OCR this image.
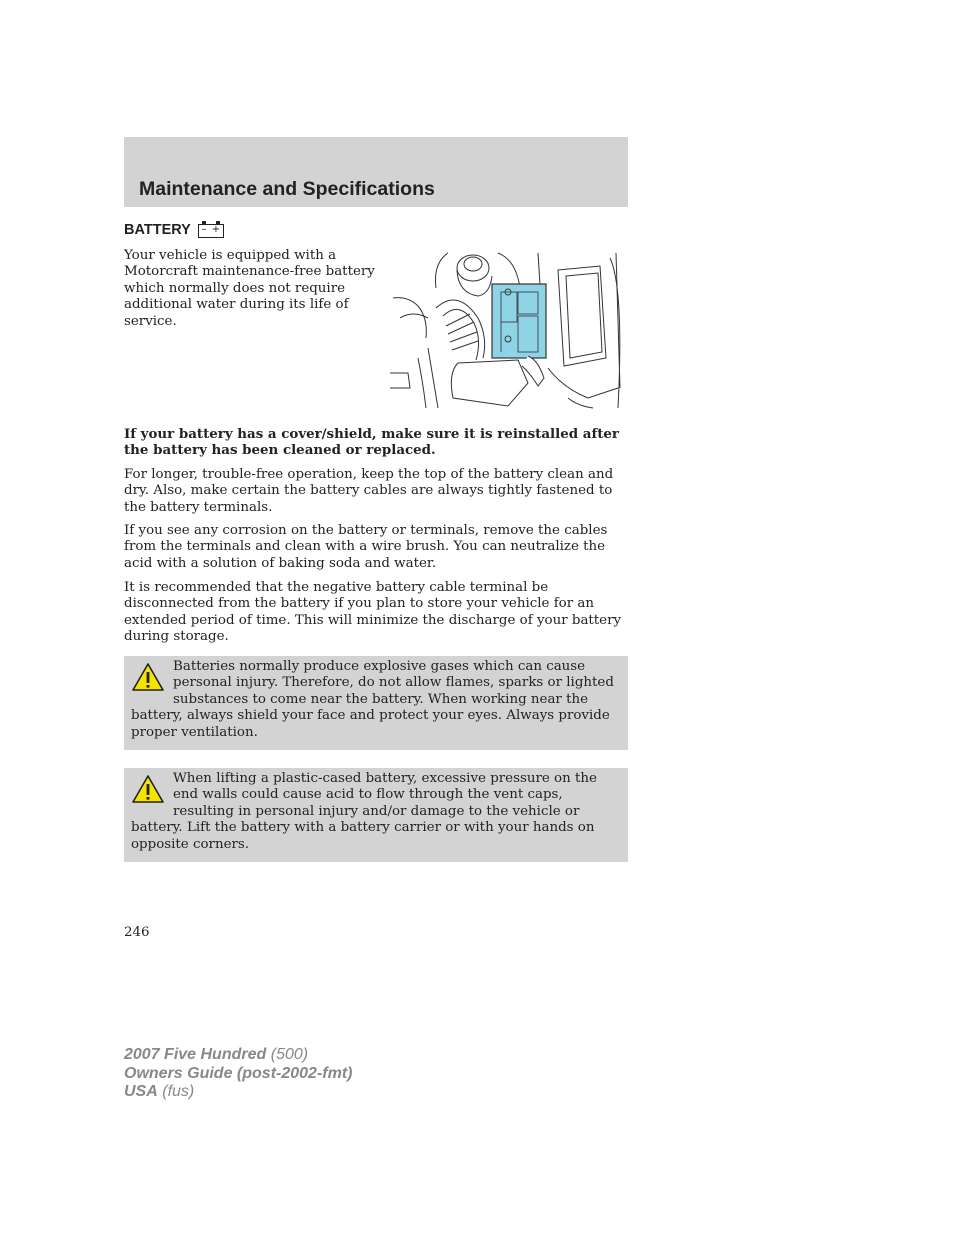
Maintenance and Specifications
BATTERY – +

Your vehicle is equipped with a Motorcraft maintenance-free battery which normally does not require additional water during its life of service.

If your battery has a cover/shield, make sure it is reinstalled after the battery has been cleaned or replaced.

For longer, trouble-free operation, keep the top of the battery clean and dry. Also, make certain the battery cables are always tightly fastened to the battery terminals.

If you see any corrosion on the battery or terminals, remove the cables from the terminals and clean with a wire brush. You can neutralize the acid with a solution of baking soda and water.

It is recommended that the negative battery cable terminal be disconnected from the battery if you plan to store your vehicle for an extended period of time. This will minimize the discharge of your battery during storage.

Batteries normally produce explosive gases which can cause personal injury. Therefore, do not allow flames, sparks or lighted substances to come near the battery. When working near the battery, always shield your face and protect your eyes. Always provide proper ventilation.
When lifting a plastic-cased battery, excessive pressure on the end walls could cause acid to flow through the vent caps, resulting in personal injury and/or damage to the vehicle or battery. Lift the battery with a battery carrier or with your hands on opposite corners.
246
2007 Five Hundred (500)
Owners Guide (post-2002-fmt)
USA (fus)
